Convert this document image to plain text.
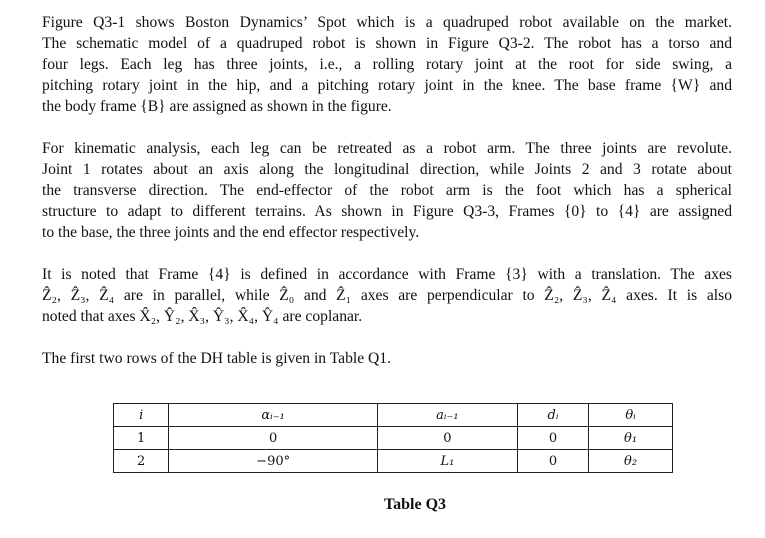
Figure Q3-1 shows Boston Dynamics’ Spot which is a quadruped robot available on the market.
The schematic model of a quadruped robot is shown in Figure Q3-2. The robot has a torso and
four legs. Each leg has three joints, i.e., a rolling rotary joint at the root for side swing, a
pitching rotary joint in the hip, and a pitching rotary joint in the knee. The base frame {W} and
the body frame {B} are assigned as shown in the figure.
For kinematic analysis, each leg can be retreated as a robot arm. The three joints are revolute.
Joint 1 rotates about an axis along the longitudinal direction, while Joints 2 and 3 rotate about
the transverse direction. The end-effector of the robot arm is the foot which has a spherical
structure to adapt to different terrains. As shown in Figure Q3-3, Frames {0} to {4} are assigned
to the base, the three joints and the end effector respectively.
It is noted that Frame {4} is defined in accordance with Frame {3} with a translation. The axes
Ẑ₂, Ẑ₃, Ẑ₄ are in parallel, while Ẑ₀ and Ẑ₁ axes are perpendicular to Ẑ₂, Ẑ₃, Ẑ₄ axes. It is also
noted that axes X̂₂, Ŷ₂, X̂₃, Ŷ₃, X̂₄, Ŷ₄ are coplanar.
The first two rows of the DH table is given in Table Q1.
i	αᵢ₋₁	aᵢ₋₁	dᵢ	θᵢ
1	0	0	0	θ₁
2	−90°	L₁	0	θ₂
Table Q3
